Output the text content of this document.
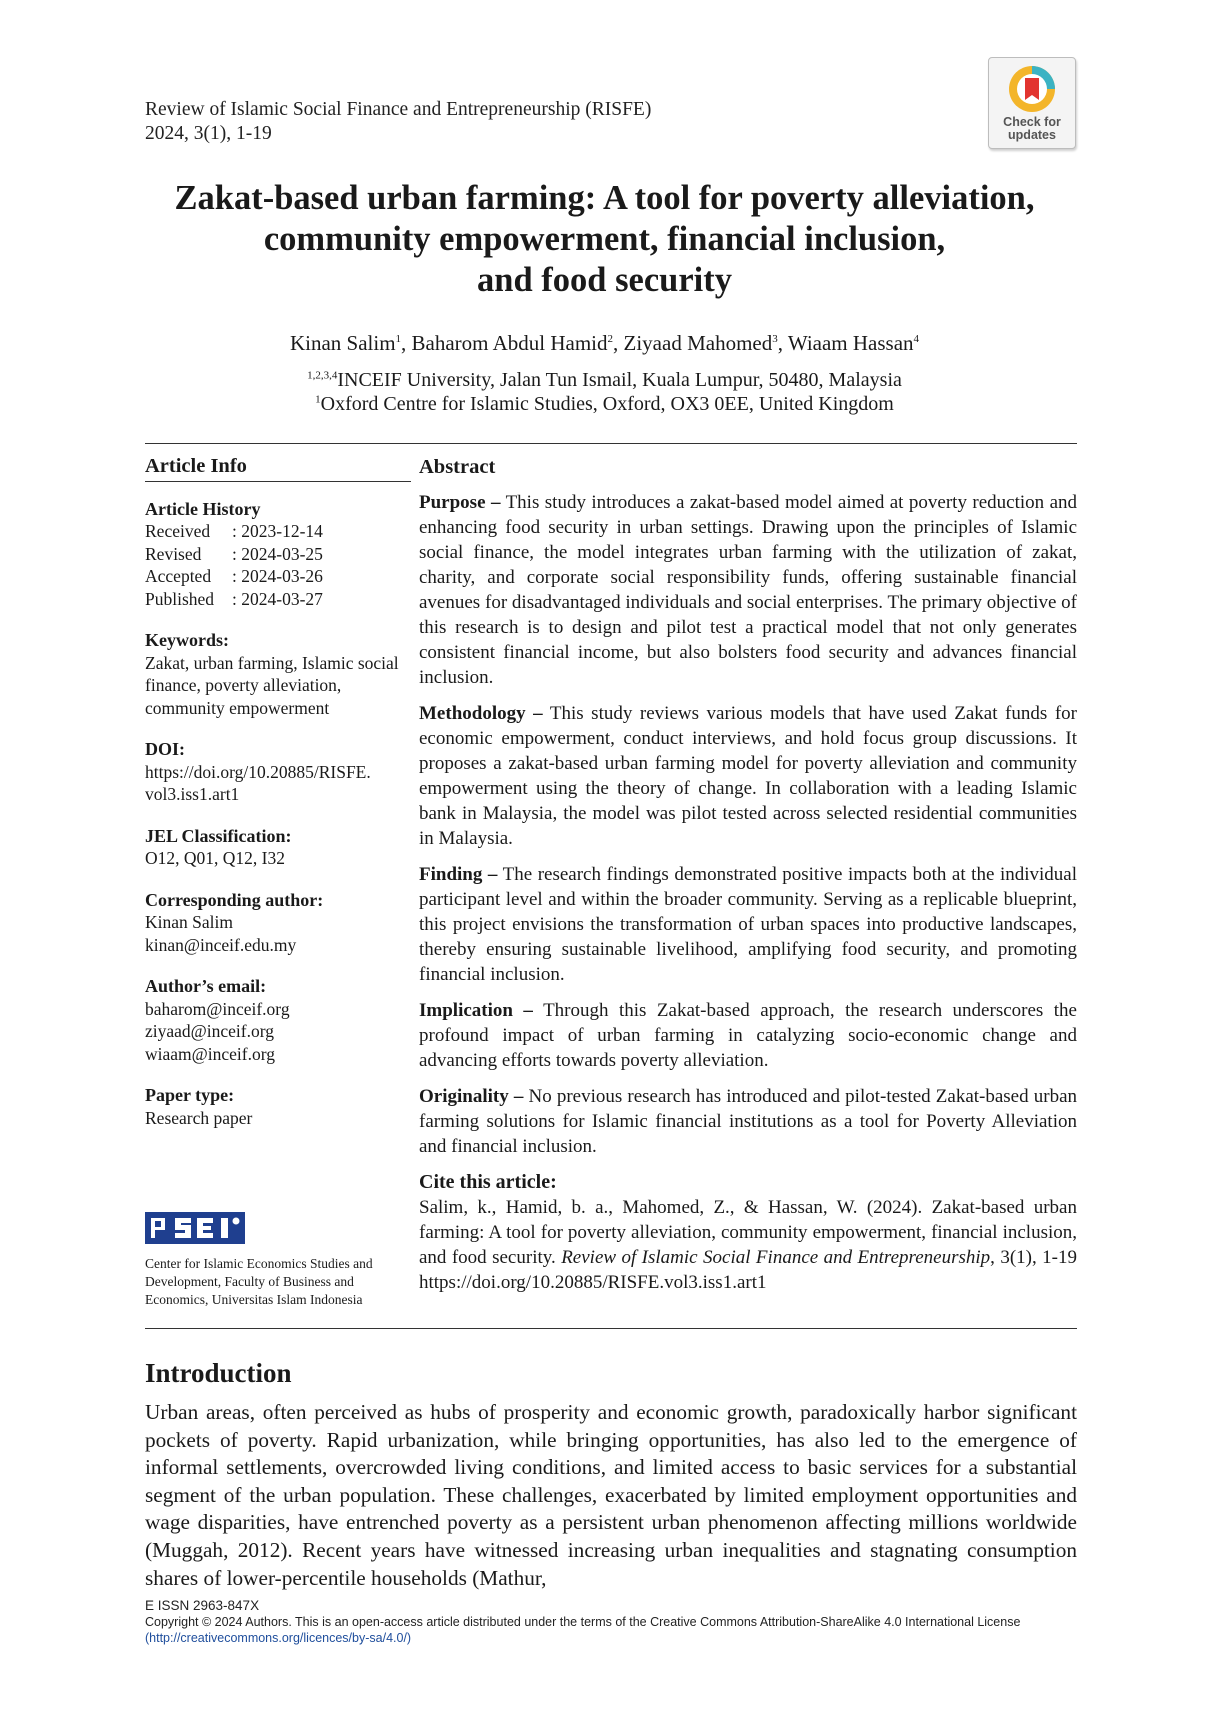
Review of Islamic Social Finance and Entrepreneurship (RISFE)
2024, 3(1), 1-19
Check for
updates
Zakat-based urban farming: A tool for poverty alleviation,
community empowerment, financial inclusion,
and food security
Kinan Salim$^1$, Baharom Abdul Hamid$^2$, Ziyaad Mahomed$^3$, Wiaam Hassan$^4$
$^{1,2,3,4}$INCEIF University, Jalan Tun Ismail, Kuala Lumpur, 50480, Malaysia
$^1$Oxford Centre for Islamic Studies, Oxford, OX3 0EE, United Kingdom
Article Info
Article History
Received : 2023-12-14
Revised : 2024-03-25
Accepted : 2024-03-26
Published : 2024-03-27
Keywords:
Zakat, urban farming, Islamic social finance, poverty alleviation, community empowerment
DOI:
https://doi.org/10.20885/RISFE.
vol3.iss1.art1
JEL Classification:
O12, Q01, Q12, I32
Corresponding author:
Kinan Salim
kinan@inceif.edu.my
Author’s email:
baharom@inceif.org
ziyaad@inceif.org
wiaam@inceif.org
Paper type:
Research paper
Center for Islamic Economics Studies and Development, Faculty of Business and Economics, Universitas Islam Indonesia
Abstract

Purpose – This study introduces a zakat-based model aimed at poverty reduction and enhancing food security in urban settings. Drawing upon the principles of Islamic social finance, the model integrates urban farming with the utilization of zakat, charity, and corporate social responsibility funds, offering sustainable financial avenues for disadvantaged individuals and social enterprises. The primary objective of this research is to design and pilot test a practical model that not only generates consistent financial income, but also bolsters food security and advances financial inclusion.

Methodology – This study reviews various models that have used Zakat funds for economic empowerment, conduct interviews, and hold focus group discussions. It proposes a zakat-based urban farming model for poverty alleviation and community empowerment using the theory of change. In collaboration with a leading Islamic bank in Malaysia, the model was pilot tested across selected residential communities in Malaysia.

Finding – The research findings demonstrated positive impacts both at the individual participant level and within the broader community. Serving as a replicable blueprint, this project envisions the transformation of urban spaces into productive landscapes, thereby ensuring sustainable livelihood, amplifying food security, and promoting financial inclusion.

Implication – Through this Zakat-based approach, the research underscores the profound impact of urban farming in catalyzing socio-economic change and advancing efforts towards poverty alleviation.

Originality – No previous research has introduced and pilot-tested Zakat-based urban farming solutions for Islamic financial institutions as a tool for Poverty Alleviation and financial inclusion.

Cite this article:

Salim, k., Hamid, b. a., Mahomed, Z., & Hassan, W. (2024). Zakat-based urban farming: A tool for poverty alleviation, community empowerment, financial inclusion, and food security. Review of Islamic Social Finance and Entrepreneurship, 3(1), 1-19 https://doi.org/10.20885/RISFE.vol3.iss1.art1

Introduction
Urban areas, often perceived as hubs of prosperity and economic growth, paradoxically harbor significant pockets of poverty. Rapid urbanization, while bringing opportunities, has also led to the emergence of informal settlements, overcrowded living conditions, and limited access to basic services for a substantial segment of the urban population. These challenges, exacerbated by limited employment opportunities and wage disparities, have entrenched poverty as a persistent urban phenomenon affecting millions worldwide (Muggah, 2012). Recent years have witnessed increasing urban inequalities and stagnating consumption shares of lower-percentile households (Mathur,
E ISSN 2963-847X
Copyright © 2024 Authors. This is an open-access article distributed under the terms of the Creative Commons Attribution-ShareAlike 4.0 International License (http://creativecommons.org/licences/by-sa/4.0/)
